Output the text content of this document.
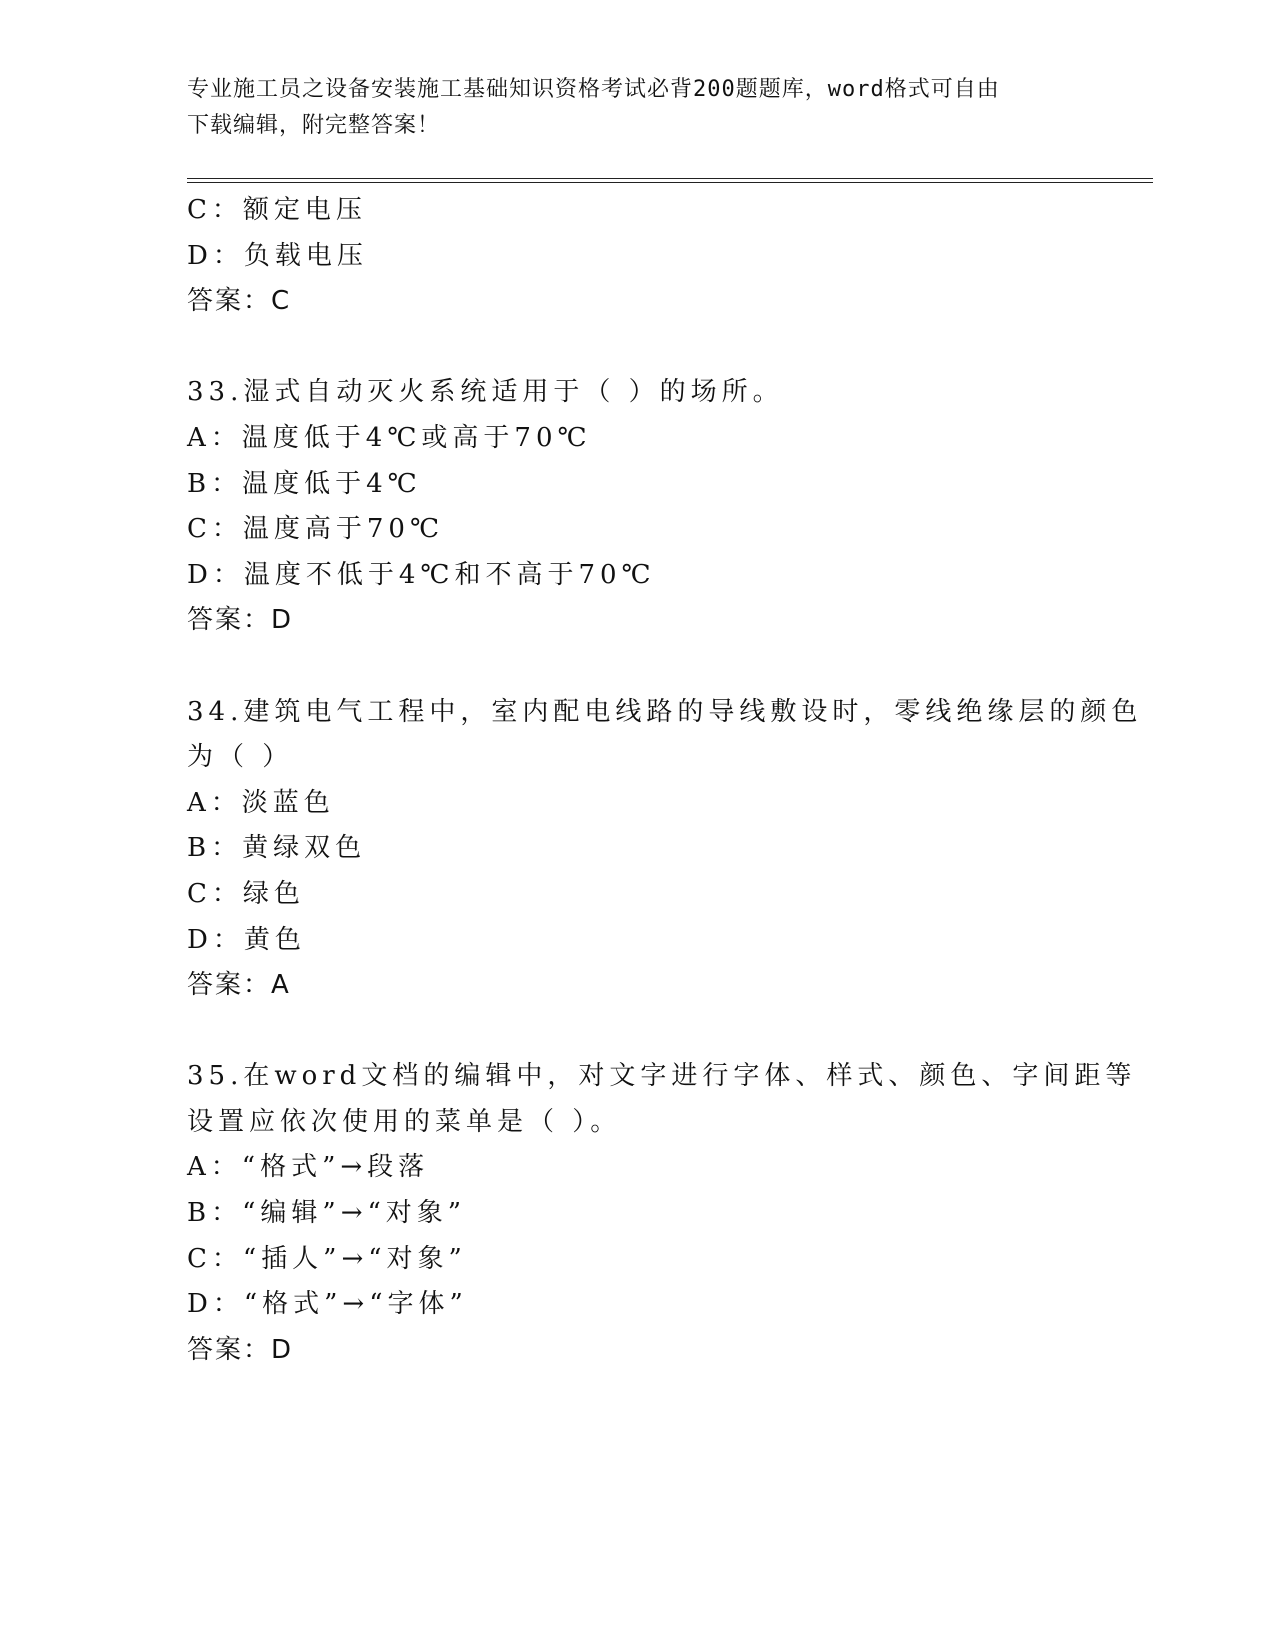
专业施工员之设备安装施工基础知识资格考试必背200题题库，word格式可自由
下载编辑，附完整答案！
C：额定电压
D：负载电压
答案：C
33.湿式自动灭火系统适用于（ ）的场所。
A：温度低于4℃或高于70℃
B：温度低于4℃
C：温度高于70℃
D：温度不低于4℃和不高于70℃
答案：D
34.建筑电气工程中，室内配电线路的导线敷设时，零线绝缘层的颜色
为（ ）
A：淡蓝色
B：黄绿双色
C：绿色
D：黄色
答案：A
35.在word文档的编辑中，对文字进行字体、样式、颜色、字间距等
设置应依次使用的菜单是（ ）。
A：“格式”→段落
B：“编辑”→“对象”
C：“插人”→“对象”
D：“格式”→“字体”
答案：D
